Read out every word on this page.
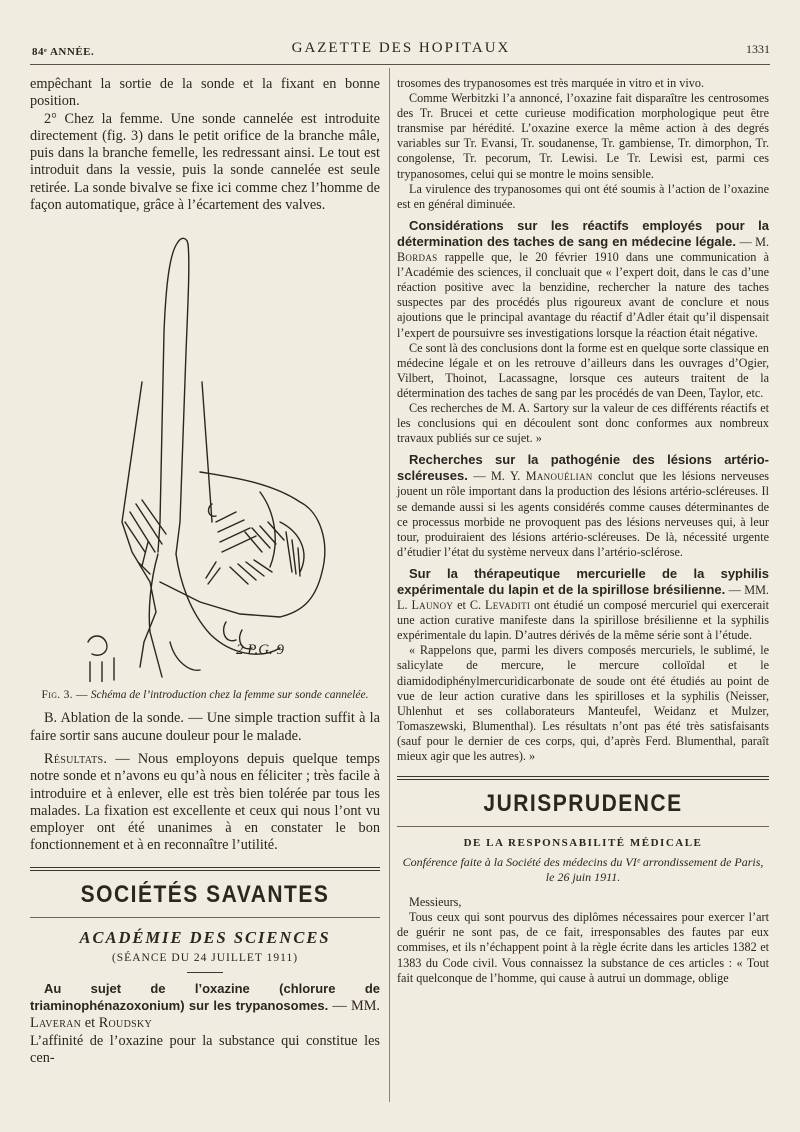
84ᵉ ANNÉE.	GAZETTE DES HOPITAUX	1331

empêchant la sortie de la sonde et la fixant en bonne position.

2° Chez la femme. Une sonde cannelée est introduite directement (fig. 3) dans le petit orifice de la branche mâle, puis dans la branche femelle, les redressant ainsi. Le tout est introduit dans la vessie, puis la sonde cannelée est seule retirée. La sonde bivalve se fixe ici comme chez l’homme de façon automatique, grâce à l’écartement des valves.

2 P.G. 9
Fig. 3. — Schéma de l’introduction chez la femme sur sonde cannelée.

B. Ablation de la sonde. — Une simple traction suffit à la faire sortir sans aucune douleur pour le malade.

Résultats. — Nous employons depuis quelque temps notre sonde et n’avons eu qu’à nous en féliciter ; très facile à introduire et à enlever, elle est très bien tolérée par tous les malades. La fixation est excellente et ceux qui nous l’ont vu employer ont été unanimes à en constater le bon fonctionnement et à en reconnaître l’utilité.

SOCIÉTÉS SAVANTES
ACADÉMIE DES SCIENCES
(SÉANCE DU 24 JUILLET 1911)

Au sujet de l’oxazine (chlorure de triaminophénazoxonium) sur les trypanosomes. — MM. Laveran et Roudsky

L’affinité de l’oxazine pour la substance qui constitue les cen-

trosomes des trypanosomes est très marquée in vitro et in vivo.

Comme Werbitzki l’a annoncé, l’oxazine fait disparaître les centrosomes des Tr. Brucei et cette curieuse modification morphologique peut être transmise par hérédité. L’oxazine exerce la même action à des degrés variables sur Tr. Evansi, Tr. soudanense, Tr. gambiense, Tr. dimorphon, Tr. congolense, Tr. pecorum, Tr. Lewisi. Le Tr. Lewisi est, parmi ces trypanosomes, celui qui se montre le moins sensible.

La virulence des trypanosomes qui ont été soumis à l’action de l’oxazine est en général diminuée.

Considérations sur les réactifs employés pour la détermination des taches de sang en médecine légale. — M. Bordas rappelle que, le 20 février 1910 dans une communication à l’Académie des sciences, il concluait que « l’expert doit, dans le cas d’une réaction positive avec la benzidine, rechercher la nature des taches suspectes par des procédés plus rigoureux avant de conclure et nous ajoutions que le principal avantage du réactif d’Adler était qu’il dispensait l’expert de poursuivre ses investigations lorsque la réaction était négative.

Ce sont là des conclusions dont la forme est en quelque sorte classique en médecine légale et on les retrouve d’ailleurs dans les ouvrages d’Ogier, Vilbert, Thoinot, Lacassagne, lorsque ces auteurs traitent de la détermination des taches de sang par les procédés de van Deen, Taylor, etc.

Ces recherches de M. A. Sartory sur la valeur de ces différents réactifs et les conclusions qui en découlent sont donc conformes aux nombreux travaux publiés sur ce sujet. »

Recherches sur la pathogénie des lésions artério-scléreuses. — M. Y. Manouélian conclut que les lésions nerveuses jouent un rôle important dans la production des lésions artério-scléreuses. Il se demande aussi si les agents considérés comme causes déterminantes de ce processus morbide ne provoquent pas des lésions nerveuses qui, à leur tour, produiraient des lésions artério-scléreuses. De là, nécessité urgente d’étudier l’état du système nerveux dans l’artério-sclérose.

Sur la thérapeutique mercurielle de la syphilis expérimentale du lapin et de la spirillose brésilienne. — MM. L. Launoy et C. Levaditi ont étudié un composé mercuriel qui exercerait une action curative manifeste dans la spirillose brésilienne et la syphilis expérimentale du lapin. D’autres dérivés de la même série sont à l’étude.

« Rappelons que, parmi les divers composés mercuriels, le sublimé, le salicylate de mercure, le mercure colloïdal et le diamidodiphénylmercuridicarbonate de soude ont été étudiés au point de vue de leur action curative dans les spirilloses et la syphilis (Neisser, Uhlenhut et ses collaborateurs Manteufel, Weidanz et Mulzer, Tomaszewski, Blumenthal). Les résultats n’ont pas été très satisfaisants (sauf pour le dernier de ces corps, qui, d’après Ferd. Blumenthal, paraît mieux agir que les autres). »

JURISPRUDENCE
DE LA RESPONSABILITÉ MÉDICALE
Conférence faite à la Société des médecins du VIᵉ arrondissement de Paris, le 26 juin 1911.

Messieurs,

Tous ceux qui sont pourvus des diplômes nécessaires pour exercer l’art de guérir ne sont pas, de ce fait, irresponsables des fautes par eux commises, et ils n’échappent point à la règle écrite dans les articles 1382 et 1383 du Code civil. Vous connaissez la substance de ces articles : « Tout fait quelconque de l’homme, qui cause à autrui un dommage, oblige
